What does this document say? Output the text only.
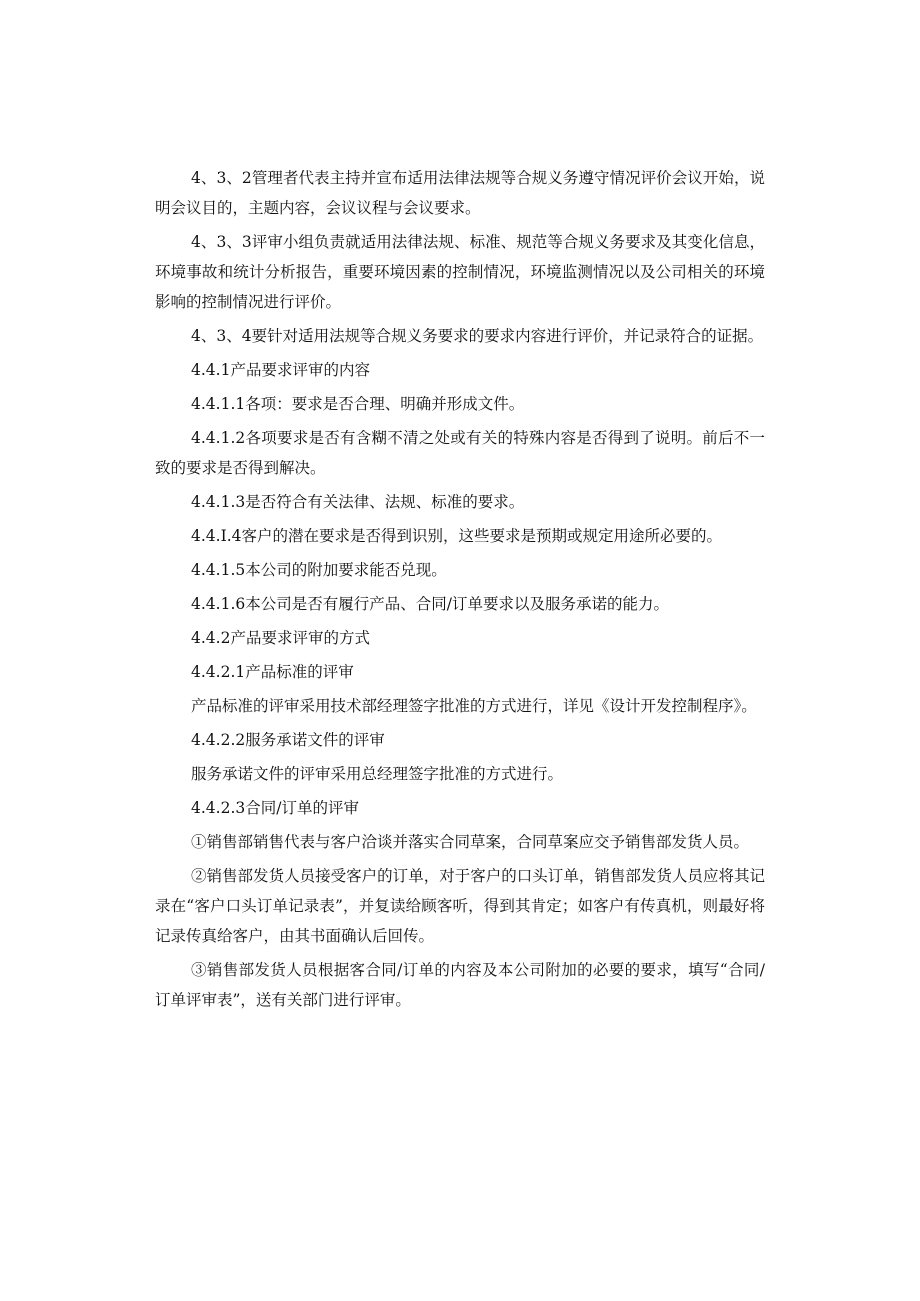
4、3、2管理者代表主持并宣布适用法律法规等合规义务遵守情况评价会议开始，说明会议目的，主题内容，会议议程与会议要求。

4、3、3评审小组负责就适用法律法规、标准、规范等合规义务要求及其变化信息，环境事故和统计分析报告，重要环境因素的控制情况，环境监测情况以及公司相关的环境影响的控制情况进行评价。

4、3、4要针对适用法规等合规义务要求的要求内容进行评价，并记录符合的证据。

4.4.1产品要求评审的内容

4.4.1.1各项：要求是否合理、明确并形成文件。

4.4.1.2各项要求是否有含糊不清之处或有关的特殊内容是否得到了说明。前后不一致的要求是否得到解决。

4.4.1.3是否符合有关法律、法规、标准的要求。

4.4.I.4客户的潜在要求是否得到识别，这些要求是预期或规定用途所必要的。

4.4.1.5本公司的附加要求能否兑现。

4.4.1.6本公司是否有履行产品、合同/订单要求以及服务承诺的能力。

4.4.2产品要求评审的方式

4.4.2.1产品标准的评审

产品标准的评审采用技术部经理签字批准的方式进行，详见《设计开发控制程序》。

4.4.2.2服务承诺文件的评审

服务承诺文件的评审采用总经理签字批准的方式进行。

4.4.2.3合同/订单的评审

①销售部销售代表与客户洽谈并落实合同草案，合同草案应交予销售部发货人员。

②销售部发货人员接受客户的订单，对于客户的口头订单，销售部发货人员应将其记录在“客户口头订单记录表”，并复读给顾客听，得到其肯定；如客户有传真机，则最好将记录传真给客户，由其书面确认后回传。

③销售部发货人员根据客合同/订单的内容及本公司附加的必要的要求，填写“合同/订单评审表”，送有关部门进行评审。
